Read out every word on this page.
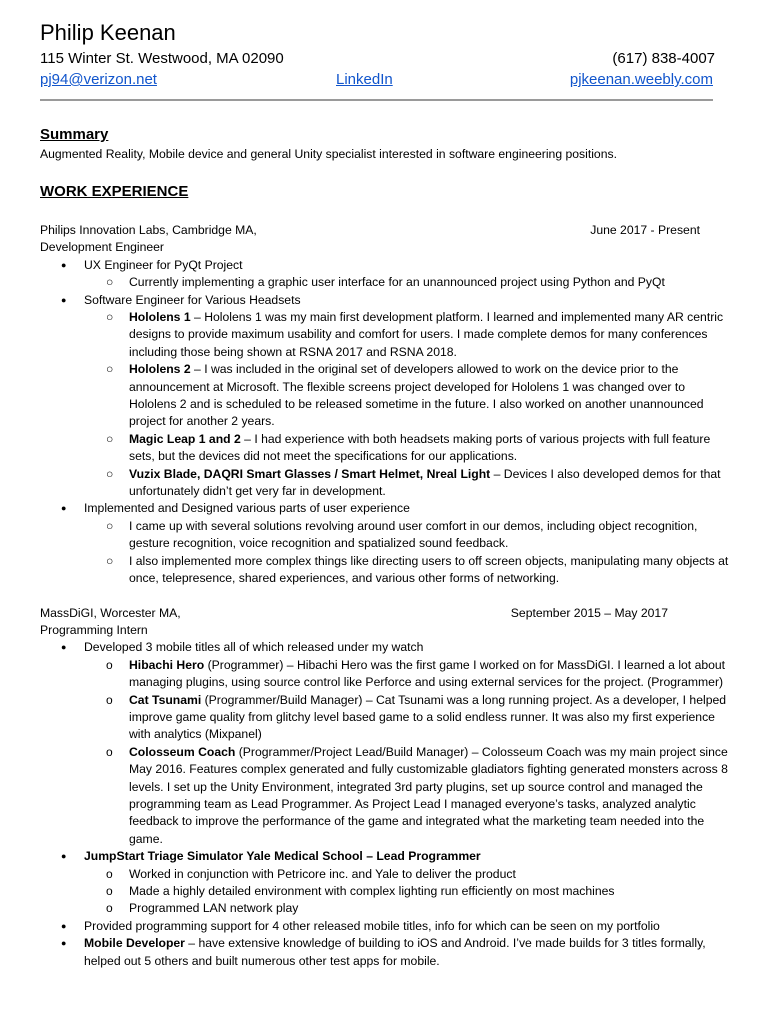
Philip Keenan
115 Winter St. Westwood, MA 02090	(617) 838-4007
pj94@verizon.net	LinkedIn	pjkeenan.weebly.com
Summary
Augmented Reality, Mobile device and general Unity specialist interested in software engineering positions.
WORK EXPERIENCE
Philips Innovation Labs, Cambridge MA,	June 2017 - Present
Development Engineer
● UX Engineer for PyQt Project
○ Currently implementing a graphic user interface for an unannounced project using Python and PyQt
● Software Engineer for Various Headsets
○ Hololens 1 – Hololens 1 was my main first development platform. I learned and implemented many AR centric designs to provide maximum usability and comfort for users. I made complete demos for many conferences including those being shown at RSNA 2017 and RSNA 2018.
○ Hololens 2 – I was included in the original set of developers allowed to work on the device prior to the announcement at Microsoft. The flexible screens project developed for Hololens 1 was changed over to Hololens 2 and is scheduled to be released sometime in the future. I also worked on another unannounced project for another 2 years.
○ Magic Leap 1 and 2 – I had experience with both headsets making ports of various projects with full feature sets, but the devices did not meet the specifications for our applications.
○ Vuzix Blade, DAQRI Smart Glasses / Smart Helmet, Nreal Light – Devices I also developed demos for that unfortunately didn’t get very far in development.
● Implemented and Designed various parts of user experience
○ I came up with several solutions revolving around user comfort in our demos, including object recognition, gesture recognition, voice recognition and spatialized sound feedback.
○ I also implemented more complex things like directing users to off screen objects, manipulating many objects at once, telepresence, shared experiences, and various other forms of networking.
MassDiGI, Worcester MA,	September 2015 – May 2017
Programming Intern
● Developed 3 mobile titles all of which released under my watch
o Hibachi Hero (Programmer) – Hibachi Hero was the first game I worked on for MassDiGI. I learned a lot about managing plugins, using source control like Perforce and using external services for the project. (Programmer)
o Cat Tsunami (Programmer/Build Manager) – Cat Tsunami was a long running project. As a developer, I helped improve game quality from glitchy level based game to a solid endless runner. It was also my first experience with analytics (Mixpanel)
o Colosseum Coach (Programmer/Project Lead/Build Manager) – Colosseum Coach was my main project since May 2016. Features complex generated and fully customizable gladiators fighting generated monsters across 8 levels. I set up the Unity Environment, integrated 3rd party plugins, set up source control and managed the programming team as Lead Programmer. As Project Lead I managed everyone’s tasks, analyzed analytic feedback to improve the performance of the game and integrated what the marketing team needed into the game.
● JumpStart Triage Simulator Yale Medical School – Lead Programmer
o Worked in conjunction with Petricore inc. and Yale to deliver the product
o Made a highly detailed environment with complex lighting run efficiently on most machines
o Programmed LAN network play
● Provided programming support for 4 other released mobile titles, info for which can be seen on my portfolio
● Mobile Developer – have extensive knowledge of building to iOS and Android. I’ve made builds for 3 titles formally, helped out 5 others and built numerous other test apps for mobile.
